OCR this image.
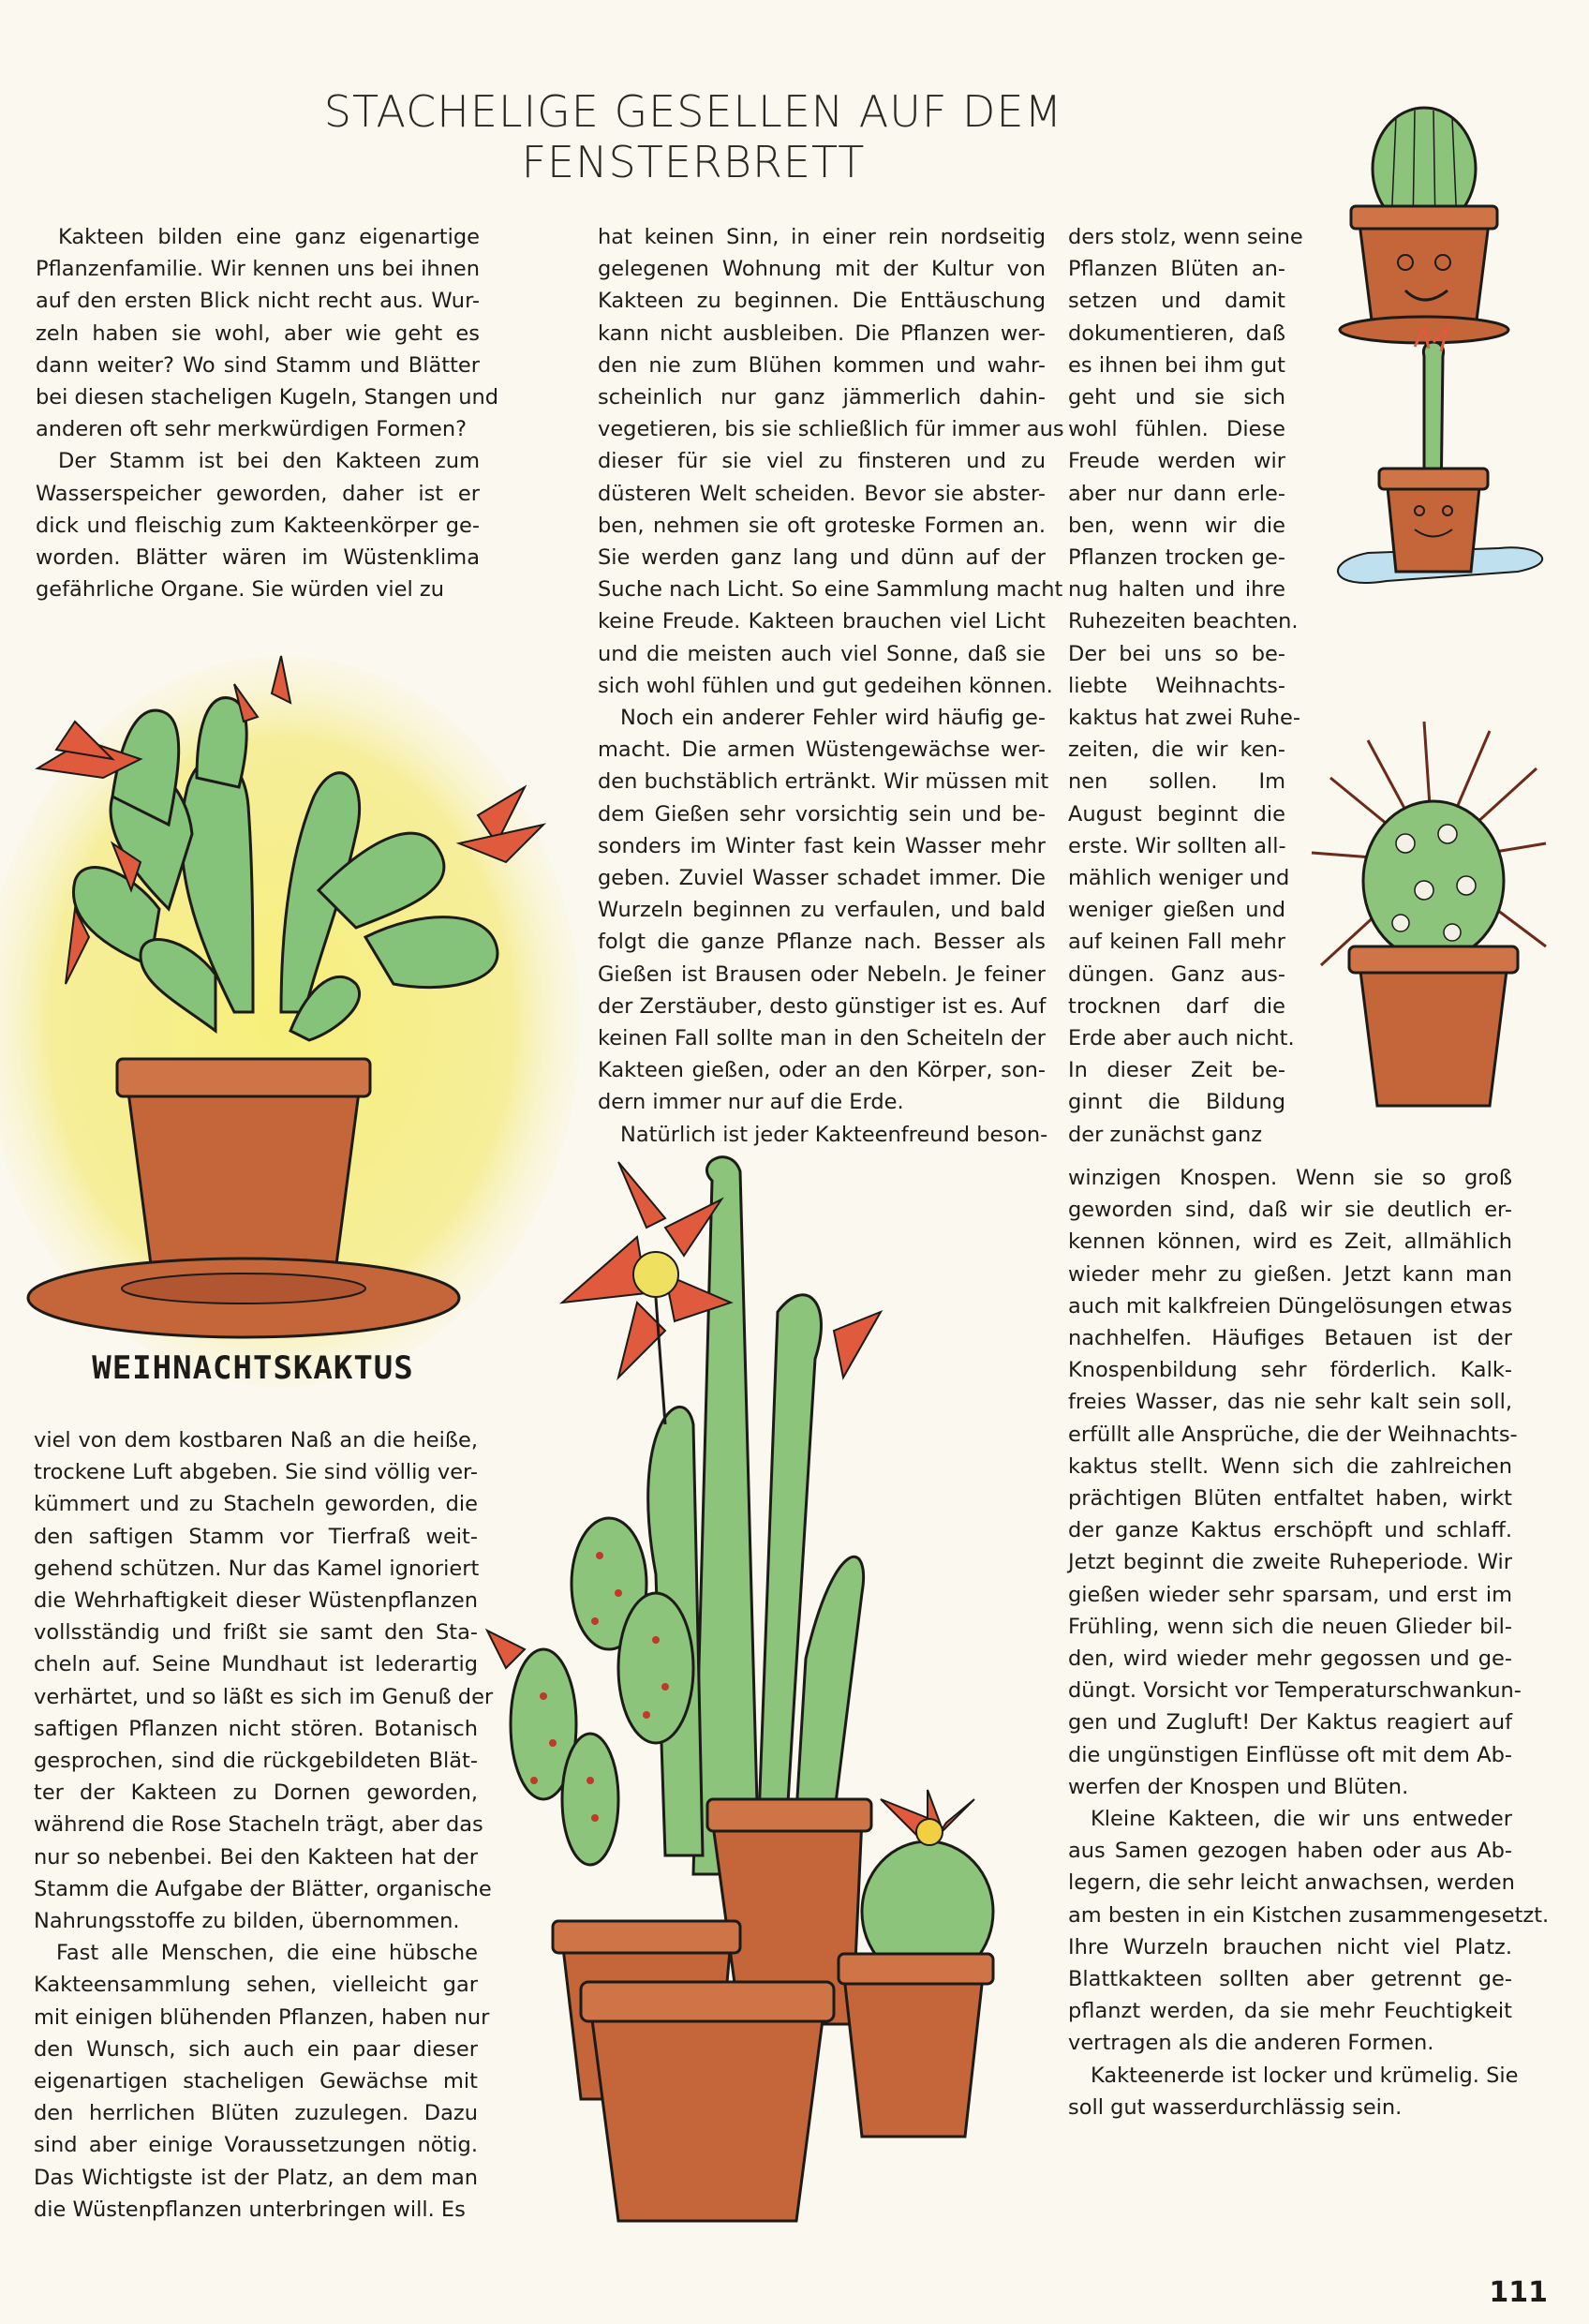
STACHELIGE GESELLEN AUF DEM FENSTERBRETT
Kakteen bilden eine ganz eigenartige
Pflanzenfamilie. Wir kennen uns bei ihnen
auf den ersten Blick nicht recht aus. Wur-
zeln haben sie wohl, aber wie geht es
dann weiter? Wo sind Stamm und Blätter
bei diesen stacheligen Kugeln, Stangen und
anderen oft sehr merkwürdigen Formen?
Der Stamm ist bei den Kakteen zum
Wasserspeicher geworden, daher ist er
dick und fleischig zum Kakteenkörper ge-
worden. Blätter wären im Wüstenklima
gefährliche Organe. Sie würden viel zu
WEIHNACHTSKAKTUS
viel von dem kostbaren Naß an die heiße,
trockene Luft abgeben. Sie sind völlig ver-
kümmert und zu Stacheln geworden, die
den saftigen Stamm vor Tierfraß weit-
gehend schützen. Nur das Kamel ignoriert
die Wehrhaftigkeit dieser Wüstenpflanzen
vollsständig und frißt sie samt den Sta-
cheln auf. Seine Mundhaut ist lederartig
verhärtet, und so läßt es sich im Genuß der
saftigen Pflanzen nicht stören. Botanisch
gesprochen, sind die rückgebildeten Blät-
ter der Kakteen zu Dornen geworden,
während die Rose Stacheln trägt, aber das
nur so nebenbei. Bei den Kakteen hat der
Stamm die Aufgabe der Blätter, organische
Nahrungsstoffe zu bilden, übernommen.
Fast alle Menschen, die eine hübsche
Kakteensammlung sehen, vielleicht gar
mit einigen blühenden Pflanzen, haben nur
den Wunsch, sich auch ein paar dieser
eigenartigen stacheligen Gewächse mit
den herrlichen Blüten zuzulegen. Dazu
sind aber einige Voraussetzungen nötig.
Das Wichtigste ist der Platz, an dem man
die Wüstenpflanzen unterbringen will. Es
hat keinen Sinn, in einer rein nordseitig
gelegenen Wohnung mit der Kultur von
Kakteen zu beginnen. Die Enttäuschung
kann nicht ausbleiben. Die Pflanzen wer-
den nie zum Blühen kommen und wahr-
scheinlich nur ganz jämmerlich dahin-
vegetieren, bis sie schließlich für immer aus
dieser für sie viel zu finsteren und zu
düsteren Welt scheiden. Bevor sie abster-
ben, nehmen sie oft groteske Formen an.
Sie werden ganz lang und dünn auf der
Suche nach Licht. So eine Sammlung macht
keine Freude. Kakteen brauchen viel Licht
und die meisten auch viel Sonne, daß sie
sich wohl fühlen und gut gedeihen können.
Noch ein anderer Fehler wird häufig ge-
macht. Die armen Wüstengewächse wer-
den buchstäblich ertränkt. Wir müssen mit
dem Gießen sehr vorsichtig sein und be-
sonders im Winter fast kein Wasser mehr
geben. Zuviel Wasser schadet immer. Die
Wurzeln beginnen zu verfaulen, und bald
folgt die ganze Pflanze nach. Besser als
Gießen ist Brausen oder Nebeln. Je feiner
der Zerstäuber, desto günstiger ist es. Auf
keinen Fall sollte man in den Scheiteln der
Kakteen gießen, oder an den Körper, son-
dern immer nur auf die Erde.
Natürlich ist jeder Kakteenfreund beson-
ders stolz, wenn seine
Pflanzen Blüten an-
setzen und damit
dokumentieren, daß
es ihnen bei ihm gut
geht und sie sich
wohl fühlen. Diese
Freude werden wir
aber nur dann erle-
ben, wenn wir die
Pflanzen trocken ge-
nug halten und ihre
Ruhezeiten beachten.
Der bei uns so be-
liebte Weihnachts-
kaktus hat zwei Ruhe-
zeiten, die wir ken-
nen sollen. Im
August beginnt die
erste. Wir sollten all-
mählich weniger und
weniger gießen und
auf keinen Fall mehr
düngen. Ganz aus-
trocknen darf die
Erde aber auch nicht.
In dieser Zeit be-
ginnt die Bildung
der zunächst ganz
winzigen Knospen. Wenn sie so groß
geworden sind, daß wir sie deutlich er-
kennen können, wird es Zeit, allmählich
wieder mehr zu gießen. Jetzt kann man
auch mit kalkfreien Düngelösungen etwas
nachhelfen. Häufiges Betauen ist der
Knospenbildung sehr förderlich. Kalk-
freies Wasser, das nie sehr kalt sein soll,
erfüllt alle Ansprüche, die der Weihnachts-
kaktus stellt. Wenn sich die zahlreichen
prächtigen Blüten entfaltet haben, wirkt
der ganze Kaktus erschöpft und schlaff.
Jetzt beginnt die zweite Ruheperiode. Wir
gießen wieder sehr sparsam, und erst im
Frühling, wenn sich die neuen Glieder bil-
den, wird wieder mehr gegossen und ge-
düngt. Vorsicht vor Temperaturschwankun-
gen und Zugluft! Der Kaktus reagiert auf
die ungünstigen Einflüsse oft mit dem Ab-
werfen der Knospen und Blüten.
Kleine Kakteen, die wir uns entweder
aus Samen gezogen haben oder aus Ab-
legern, die sehr leicht anwachsen, werden
am besten in ein Kistchen zusammengesetzt.
Ihre Wurzeln brauchen nicht viel Platz.
Blattkakteen sollten aber getrennt ge-
pflanzt werden, da sie mehr Feuchtigkeit
vertragen als die anderen Formen.
Kakteenerde ist locker und krümelig. Sie
soll gut wasserdurchlässig sein.
111
